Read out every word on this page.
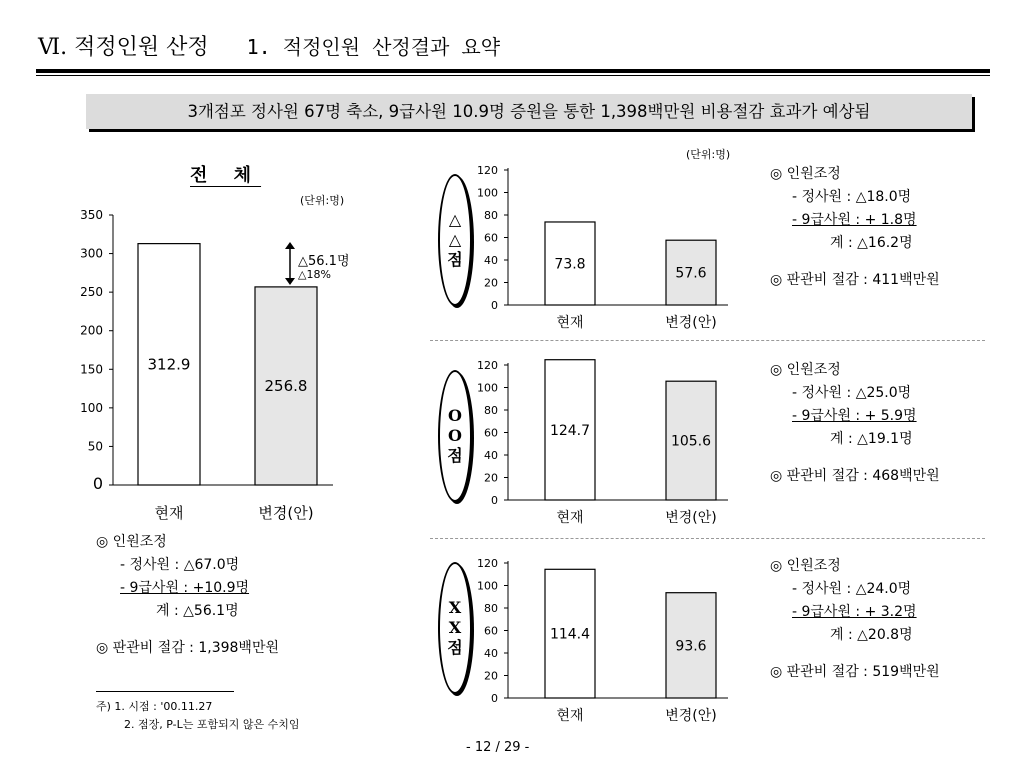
Ⅵ. 적정인원 산정 1. 적정인원 산정결과 요약
3개점포 정사원 67명 축소, 9급사원 10.9명 증원을 통한 1,398백만원 비용절감 효과가 예상됨
전 체
(단위:명)
0
50
100
150
200
250
300
350
312.9
현재
256.8
변경(안)
△56.1명
△18%
◎ 인원조정
- 정사원 : △67.0명
- 9급사원 : +10.9명
계 : △56.1명
◎ 판관비 절감 : 1,398백만원
주) 1. 시점 : '00.11.27
2. 점장, P-L는 포함되지 않은 수치임
(단위:명)
△
△
점
0
20
40
60
80
100
120
73.8
현재
57.6
변경(안)
◎ 인원조정
- 정사원 : △18.0명
- 9급사원 : + 1.8명
계 : △16.2명
◎ 판관비 절감 : 411백만원
O
O
점
0
20
40
60
80
100
120
124.7
현재
105.6
변경(안)
◎ 인원조정
- 정사원 : △25.0명
- 9급사원 : + 5.9명
계 : △19.1명
◎ 판관비 절감 : 468백만원
X
X
점
0
20
40
60
80
100
120
114.4
현재
93.6
변경(안)
◎ 인원조정
- 정사원 : △24.0명
- 9급사원 : + 3.2명
계 : △20.8명
◎ 판관비 절감 : 519백만원
- 12 / 29 -
